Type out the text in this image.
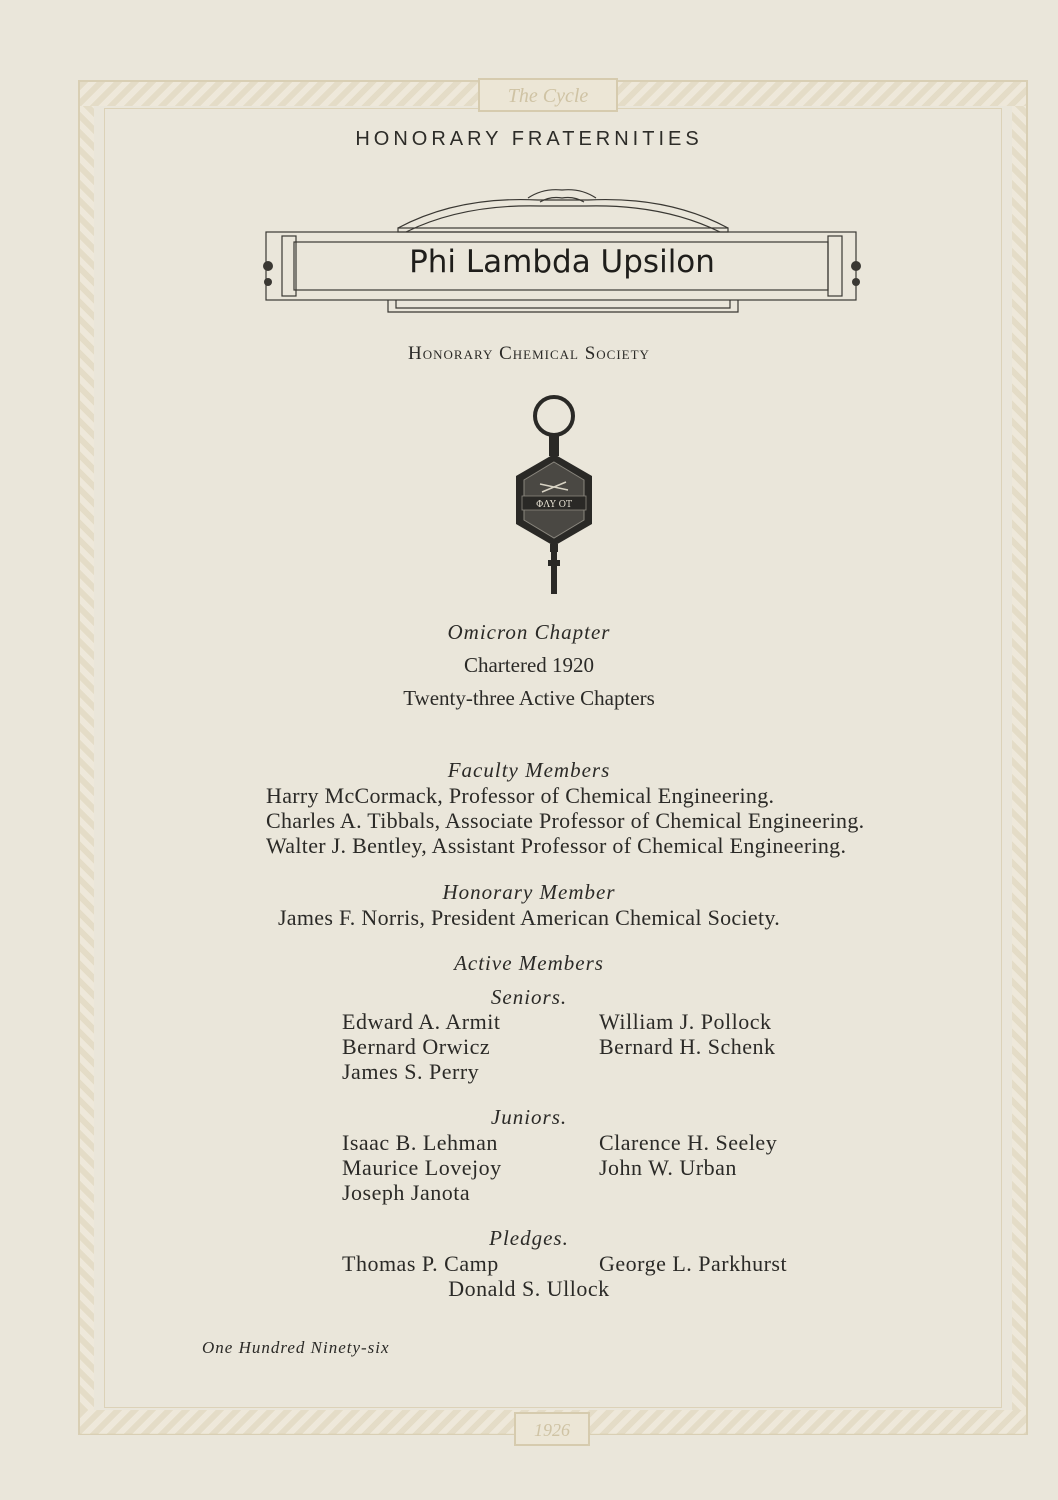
The Cycle
1926
HONORARY FRATERNITIES
Phi Lambda Upsilon
Honorary Chemical Society
ΦΛΥ ΟΤ
Omicron Chapter
Chartered 1920
Twenty-three Active Chapters
Faculty Members
Harry McCormack, Professor of Chemical Engineering.
Charles A. Tibbals, Associate Professor of Chemical Engineering.
Walter J. Bentley, Assistant Professor of Chemical Engineering.
Honorary Member
James F. Norris, President American Chemical Society.
Active Members
Seniors.
Edward A. Armit
Bernard Orwicz
James S. Perry
William J. Pollock
Bernard H. Schenk
Juniors.
Isaac B. Lehman
Maurice Lovejoy
Joseph Janota
Clarence H. Seeley
John W. Urban
Pledges.
Thomas P. Camp	George L. Parkhurst
Donald S. Ullock
One Hundred Ninety-six
